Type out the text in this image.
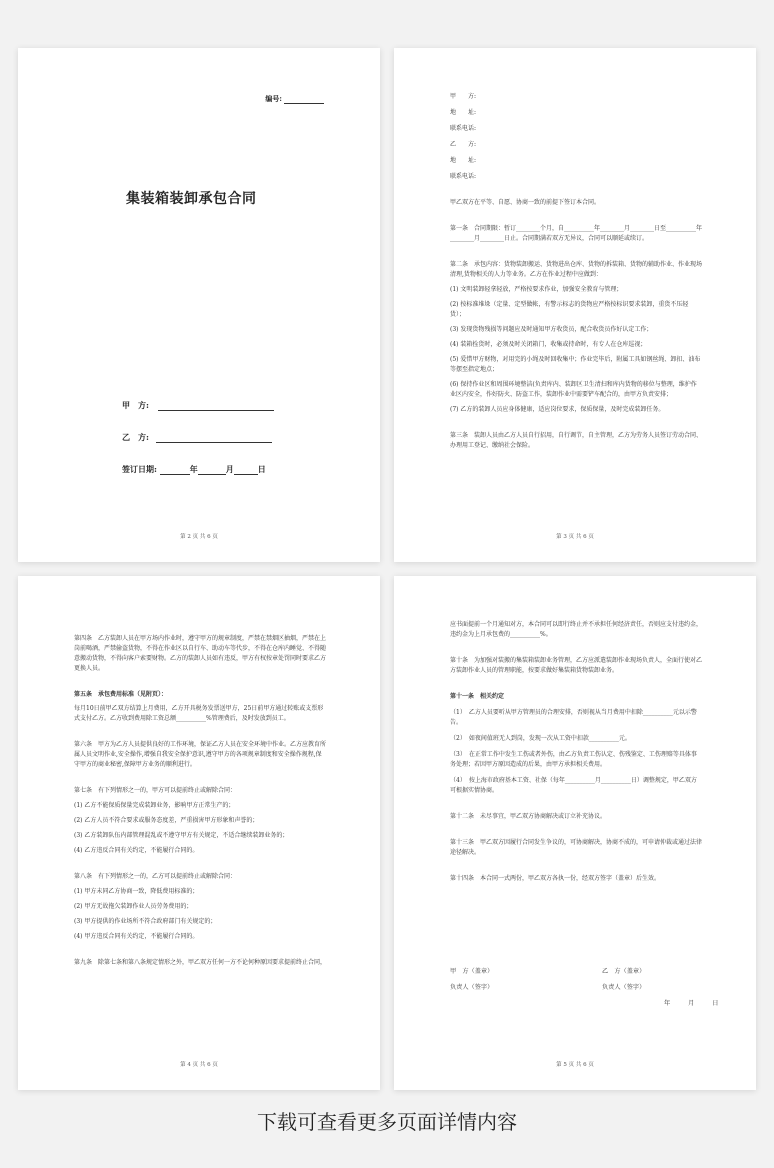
编号:
集装箱装卸承包合同
甲　方:
乙　方:
签订日期:	年	月	日
第 2 页 共 6 页

甲　　方:

地　　址:

联系电话:

乙　　方:

地　　址:

联系电话:

甲乙双方在平等、自愿、协商一致的前提下签订本合同。

第一条　合同期限：暂订________个月，自__________年________月________日至__________年________月________日止。合同期满若双方无异议，合同可以顺延或续订。

第二条　承包内容：货物装卸搬运、货物进出仓库、货物的拆装箱、货物的辅助作业、作业现场清理,货物相关的人力等业务。乙方在作业过程中应做到：

(1) 文明装卸轻拿轻放，严格按要求作业，加强安全教育与管理；

(2) 按标准堆垛（定量、定型做帐，有警示标志的货物应严格按标识要求装卸，重货不压轻货）；

(3) 发现货物残损等问题应及时通知甲方收货员，配合收货员作好认定工作；

(4) 装箱拴货时，必须及时关闭箱门，收集或持命时，有专人在仓库巡视；

(5) 爱惜甲方财物，对用完的小绳及时回收集中；作业完毕后，附属工具如钢丝绳、卸扣、油布等摆至指定地点；

(6) 保持作业区和周围环境整洁(负责库内、装卸区卫生清扫和库内货物的移位与整理，维护作业区内安全，作好防火、防盗工作，装卸作业中需要铲车配合的，由甲方负责安排；

(7) 乙方的装卸人员应身体健康，适应岗位要求，保质保量，及时完成装卸任务。

第三条　装卸人员由乙方人员自行招用，自行调节，自主管理，乙方为劳务人员签订劳动合同、办理用工登记、缴纳社会保险。

第 3 页 共 6 页

第四条　乙方装卸人员在甲方场内作业时，遵守甲方的规章制度，严禁在禁烟区抽烟，严禁在上岗前喝酒，严禁偷盗货物，不得在作业区以自行车、助动车等代步，不得在仓库内睡觉、不得随意搬动货物，不得向客户索要财物。乙方的装卸人员如有违反，甲方有权按章处罚同时要求乙方更换人员。

第五条　承包费用标准（见附页）：

每月10日前甲乙双方结算上月费用，乙方开具税务发票送甲方，25日前甲方通过转账或支票形式支付乙方。乙方收到费用除工资总额__________%管理费后，及时发放到员工。

第六条　甲方为乙方人员提供良好的工作环境，保证乙方人员在安全环境中作业。乙方应教育所属人员文明作业,安全操作,增强自我安全保护意识,遵守甲方的各项规章制度和安全操作规程,保守甲方的商业秘密,保障甲方业务的顺利进行。

第七条　有下列情形之一的，甲方可以提前终止或解除合同：

(1) 乙方不能保质保量完成装卸业务，影响甲方正常生产的；

(2) 乙方人员不符合要求或服务态度差，严重损害甲方形象和声誉的；

(3) 乙方装卸队伍内部管理混乱或不遵守甲方有关规定，不适合继续装卸业务的；

(4) 乙方违反合同有关约定，不能履行合同的。

第八条　有下列情形之一的，乙方可以提前终止或解除合同：

(1) 甲方未同乙方协商一致，降低费用标准的；

(2) 甲方无故拖欠装卸作业人员劳务费用的；

(3) 甲方提供的作业场所不符合政府部门有关规定的；

(4) 甲方违反合同有关约定，不能履行合同的。

第九条　除第七条和第八条规定情形之外，甲乙双方任何一方不论何种原因要求提前终止合同，

第 4 页 共 6 页

应书面提前一个月通知对方，本合同可以即行终止并不承担任何经济责任，否则应支付违约金，违约金为上月承包费的__________%。

第十条　为加强对装搬的集装箱装卸业务管理，乙方应派遣装卸作业现场负责人，全面行使对乙方装卸作业人员的管理职能，按要求做好集装箱货物装卸业务。

第十一条　相关约定

（1）　乙方人员要听从甲方管理员的合理安排，否则视从当月费用中扣除__________元以示警告。

（2）　如夜间值班无人到岗，发现一次从工资中扣款__________元。

（3）　在正常工作中发生工伤或者外伤，由乙方负责工伤认定、伤残鉴定、工伤理赔等具体事务处理；若因甲方原因造成的后果，由甲方承担相关费用。

（4）　按上海市政府基本工资、社保（每年__________月__________日）调整规定，甲乙双方可根据实情协商。

第十二条　未尽事宜，甲乙双方协商解决或订立补充协议。

第十三条　甲乙双方因履行合同发生争议的，可协商解决，协商不成的，可申请仲裁或通过法律途径解决。

第十四条　本合同一式两份，甲乙双方各执一份，经双方签字（盖章）后生效。

甲　方（盖章）	乙　方（盖章）
负责人（签字）	负责人（签字）
年	月	日
第 5 页 共 6 页
下载可查看更多页面详情内容
